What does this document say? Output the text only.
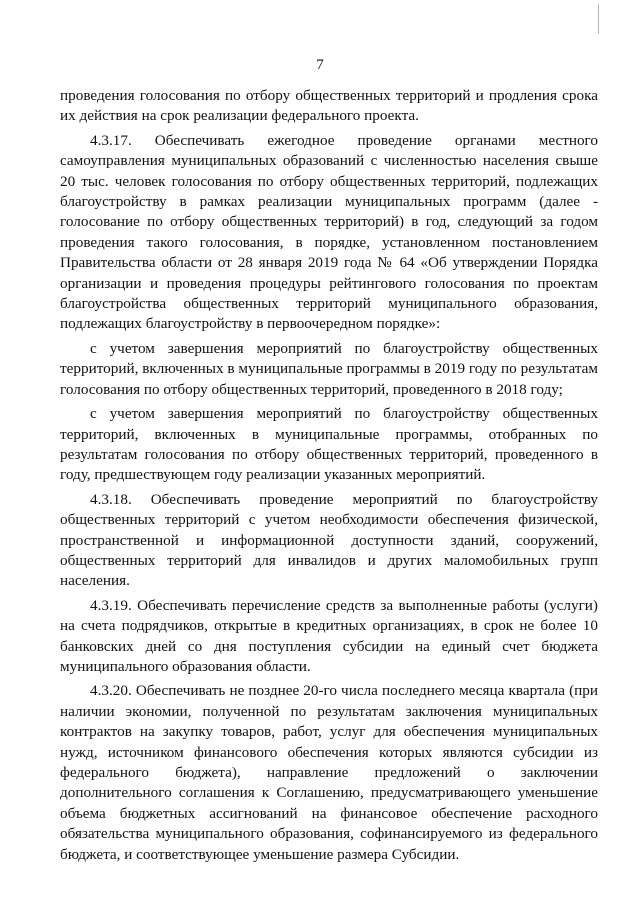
7

проведения голосования по отбору общественных территорий и продления срока их действия на срок реализации федерального проекта.

4.3.17. Обеспечивать ежегодное проведение органами местного самоуправления муниципальных образований с численностью населения свыше 20 тыс. человек голосования по отбору общественных территорий, подлежащих благоустройству в рамках реализации муниципальных программ (далее - голосование по отбору общественных территорий) в год, следующий за годом проведения такого голосования, в порядке, установленном постановлением Правительства области от 28 января 2019 года № 64 «Об утверждении Порядка организации и проведения процедуры рейтингового голосования по проектам благоустройства общественных территорий муниципального образования, подлежащих благоустройству в первоочередном порядке»:

с учетом завершения мероприятий по благоустройству общественных территорий, включенных в муниципальные программы в 2019 году по результатам голосования по отбору общественных территорий, проведенного в 2018 году;

с учетом завершения мероприятий по благоустройству общественных территорий, включенных в муниципальные программы, отобранных по результатам голосования по отбору общественных территорий, проведенного в году, предшествующем году реализации указанных мероприятий.

4.3.18. Обеспечивать проведение мероприятий по благоустройству общественных территорий с учетом необходимости обеспечения физической, пространственной и информационной доступности зданий, сооружений, общественных территорий для инвалидов и других маломобильных групп населения.

4.3.19. Обеспечивать перечисление средств за выполненные работы (услуги) на счета подрядчиков, открытые в кредитных организациях, в срок не более 10 банковских дней со дня поступления субсидии на единый счет бюджета муниципального образования области.

4.3.20. Обеспечивать не позднее 20-го числа последнего месяца квартала (при наличии экономии, полученной по результатам заключения муниципальных контрактов на закупку товаров, работ, услуг для обеспечения муниципальных нужд, источником финансового обеспечения которых являются субсидии из федерального бюджета), направление предложений о заключении дополнительного соглашения к Соглашению, предусматривающего уменьшение объема бюджетных ассигнований на финансовое обеспечение расходного обязательства муниципального образования, софинансируемого из федерального бюджета, и соответствующее уменьшение размера Субсидии.
